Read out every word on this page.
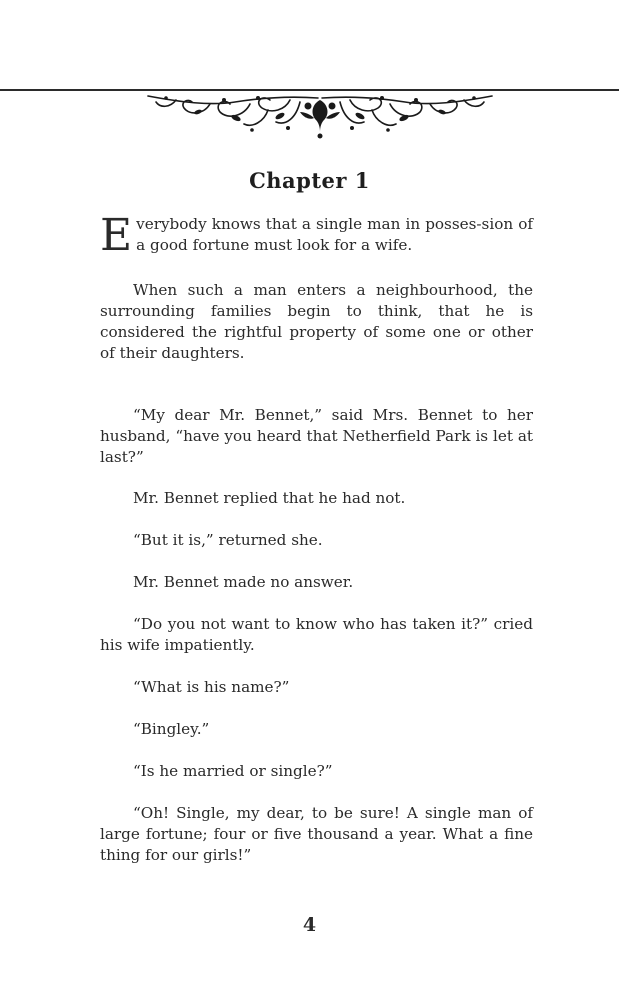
Chapter 1

Everybody knows that a single man in posses-sion of a good fortune must look for a wife.

When such a man enters a neighbourhood, the surrounding families begin to think, that he is considered the rightful property of some one or other of their daughters.

“My dear Mr. Bennet,” said Mrs. Bennet to her husband, “have you heard that Netherfield Park is let at last?”

Mr. Bennet replied that he had not.

“But it is,” returned she.

Mr. Bennet made no answer.

“Do you not want to know who has taken it?” cried his wife impatiently.

“What is his name?”

“Bingley.”

“Is he married or single?”

“Oh! Single, my dear, to be sure! A single man of large fortune; four or five thousand a year. What a fine thing for our girls!”

4
